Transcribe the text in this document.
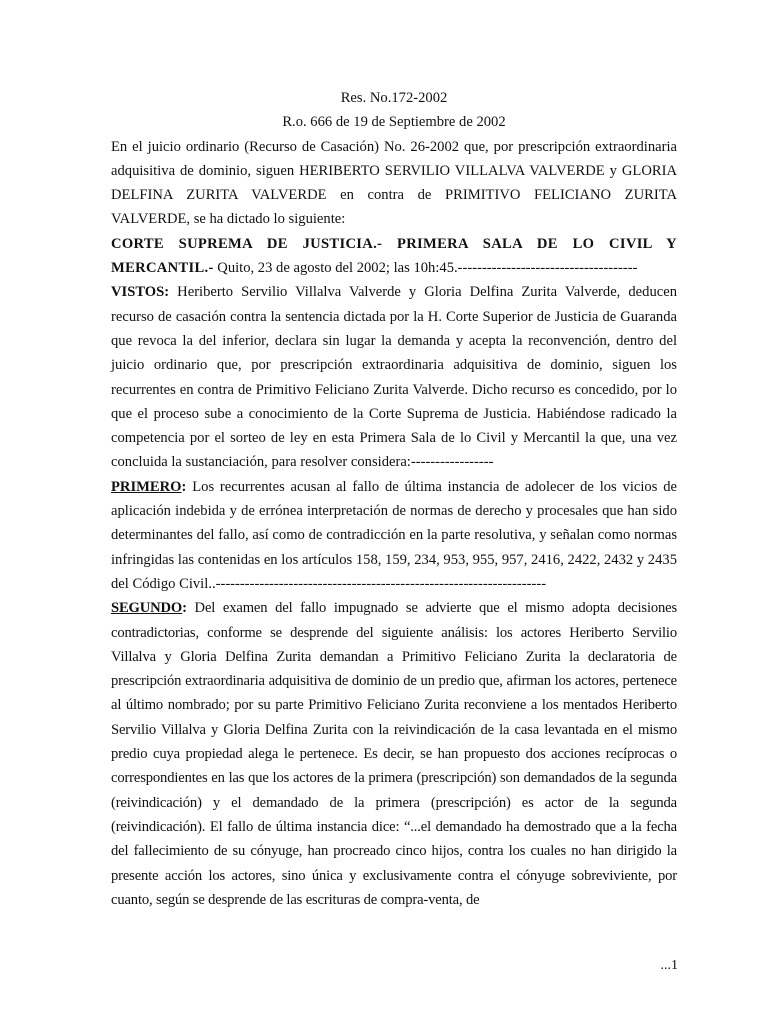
Res. No.172-2002

R.o. 666 de 19 de Septiembre de 2002

En el juicio ordinario (Recurso de Casación) No. 26-2002 que, por prescripción extraordinaria adquisitiva de dominio, siguen HERIBERTO SERVILIO VILLALVA VALVERDE y GLORIA DELFINA ZURITA VALVERDE en contra de PRIMITIVO FELICIANO ZURITA VALVERDE, se ha dictado lo siguiente:

CORTE SUPREMA DE JUSTICIA.- PRIMERA SALA DE LO CIVIL Y MERCANTIL.- Quito, 23 de agosto del 2002; las 10h:45.-------------------------------------

VISTOS: Heriberto Servilio Villalva Valverde y Gloria Delfina Zurita Valverde, deducen recurso de casación contra la sentencia dictada por la H. Corte Superior de Justicia de Guaranda que revoca la del inferior, declara sin lugar la demanda y acepta la reconvención, dentro del juicio ordinario que, por prescripción extraordinaria adquisitiva de dominio, siguen los recurrentes en contra de Primitivo Feliciano Zurita Valverde. Dicho recurso es concedido, por lo que el proceso sube a conocimiento de la Corte Suprema de Justicia. Habiéndose radicado la competencia por el sorteo de ley en esta Primera Sala de lo Civil y Mercantil la que, una vez concluida la sustanciación, para resolver considera:-----------------

PRIMERO: Los recurrentes acusan al fallo de última instancia de adolecer de los vicios de aplicación indebida y de errónea interpretación de normas de derecho y procesales que han sido determinantes del fallo, así como de contradicción en la parte resolutiva, y señalan como normas infringidas las contenidas en los artículos 158, 159, 234, 953, 955, 957, 2416, 2422, 2432 y 2435 del Código Civil..--------------------------------------------------------------------

SEGUNDO: Del examen del fallo impugnado se advierte que el mismo adopta decisiones contradictorias, conforme se desprende del siguiente análisis: los actores Heriberto Servilio Villalva y Gloria Delfina Zurita demandan a Primitivo Feliciano Zurita la declaratoria de prescripción extraordinaria adquisitiva de dominio de un predio que, afirman los actores, pertenece al último nombrado; por su parte Primitivo Feliciano Zurita reconviene a los mentados Heriberto Servilio Villalva y Gloria Delfina Zurita con la reivindicación de la casa levantada en el mismo predio cuya propiedad alega le pertenece. Es decir, se han propuesto dos acciones recíprocas o correspondientes en las que los actores de la primera (prescripción) son demandados de la segunda (reivindicación) y el demandado de la primera (prescripción) es actor de la segunda (reivindicación). El fallo de última instancia dice: “...el demandado ha demostrado que a la fecha del fallecimiento de su cónyuge, han procreado cinco hijos, contra los cuales no han dirigido la presente acción los actores, sino única y exclusivamente contra el cónyuge sobreviviente, por cuanto, según se desprende de las escrituras de compra-venta, de

...1
